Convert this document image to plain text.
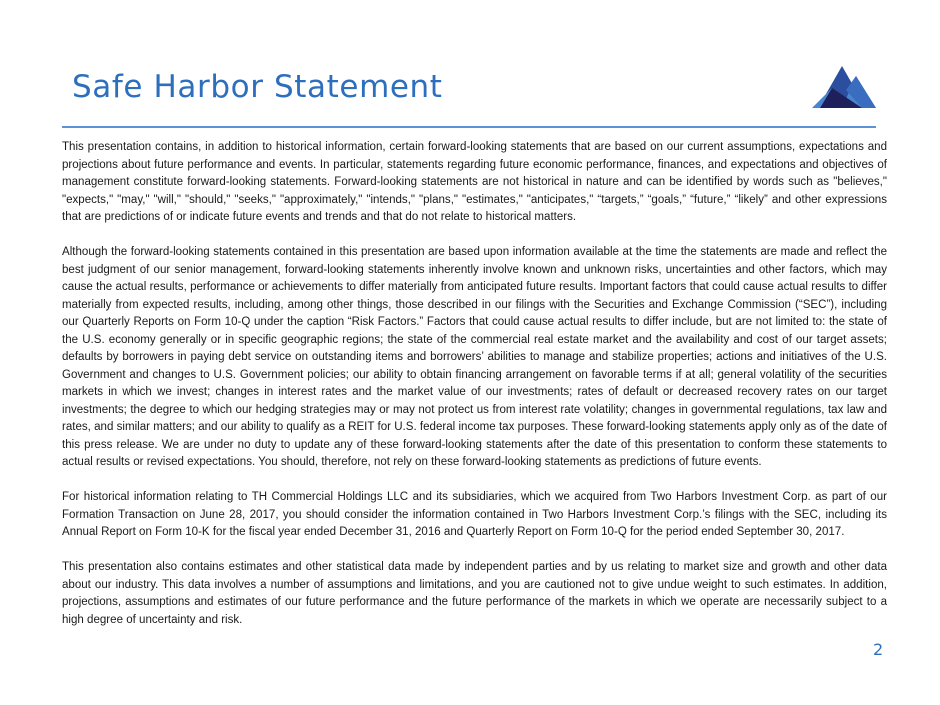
Safe Harbor Statement

This presentation contains, in addition to historical information, certain forward-looking statements that are based on our current assumptions, expectations and projections about future performance and events. In particular, statements regarding future economic performance, finances, and expectations and objectives of management constitute forward-looking statements. Forward-looking statements are not historical in nature and can be identified by words such as "believes," "expects," "may," "will," "should," "seeks," "approximately," "intends," "plans," "estimates," "anticipates," “targets,” “goals,” “future,” “likely” and other expressions that are predictions of or indicate future events and trends and that do not relate to historical matters.

Although the forward-looking statements contained in this presentation are based upon information available at the time the statements are made and reflect the best judgment of our senior management, forward-looking statements inherently involve known and unknown risks, uncertainties and other factors, which may cause the actual results, performance or achievements to differ materially from anticipated future results. Important factors that could cause actual results to differ materially from expected results, including, among other things, those described in our filings with the Securities and Exchange Commission (“SEC”), including our Quarterly Reports on Form 10-Q under the caption “Risk Factors.” Factors that could cause actual results to differ include, but are not limited to: the state of the U.S. economy generally or in specific geographic regions; the state of the commercial real estate market and the availability and cost of our target assets; defaults by borrowers in paying debt service on outstanding items and borrowers’ abilities to manage and stabilize properties; actions and initiatives of the U.S. Government and changes to U.S. Government policies; our ability to obtain financing arrangement on favorable terms if at all; general volatility of the securities markets in which we invest; changes in interest rates and the market value of our investments; rates of default or decreased recovery rates on our target investments; the degree to which our hedging strategies may or may not protect us from interest rate volatility; changes in governmental regulations, tax law and rates, and similar matters; and our ability to qualify as a REIT for U.S. federal income tax purposes. These forward-looking statements apply only as of the date of this press release. We are under no duty to update any of these forward-looking statements after the date of this presentation to conform these statements to actual results or revised expectations. You should, therefore, not rely on these forward-looking statements as predictions of future events.

For historical information relating to TH Commercial Holdings LLC and its subsidiaries, which we acquired from Two Harbors Investment Corp. as part of our Formation Transaction on June 28, 2017, you should consider the information contained in Two Harbors Investment Corp.’s filings with the SEC, including its Annual Report on Form 10-K for the fiscal year ended December 31, 2016 and Quarterly Report on Form 10-Q for the period ended September 30, 2017.

This presentation also contains estimates and other statistical data made by independent parties and by us relating to market size and growth and other data about our industry. This data involves a number of assumptions and limitations, and you are cautioned not to give undue weight to such estimates. In addition, projections, assumptions and estimates of our future performance and the future performance of the markets in which we operate are necessarily subject to a high degree of uncertainty and risk.

2
